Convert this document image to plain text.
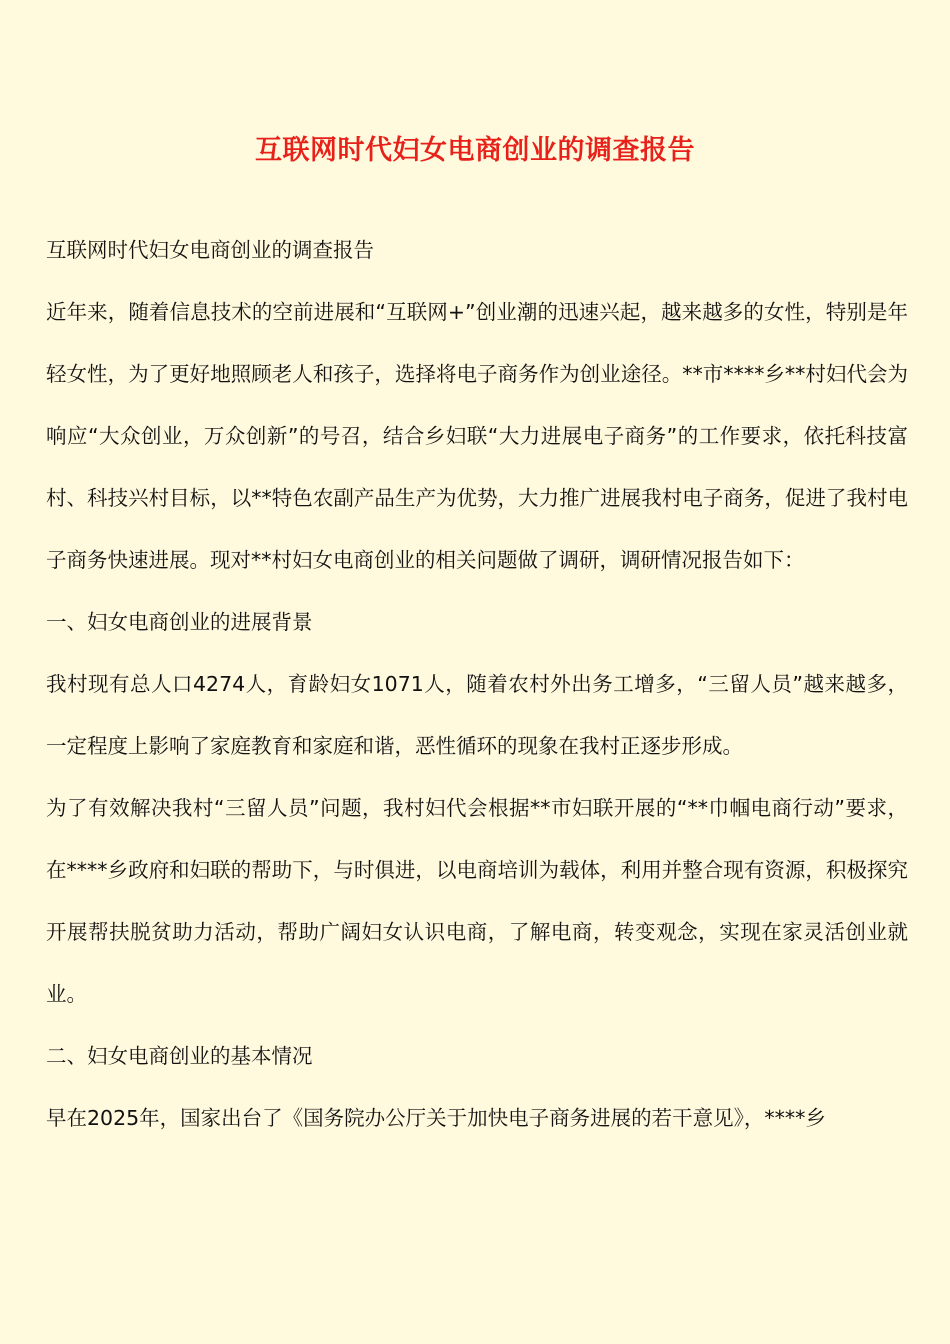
互联网时代妇女电商创业的调查报告

互联网时代妇女电商创业的调查报告

近年来，随着信息技术的空前进展和“互联网+”创业潮的迅速兴起，越来越多的女性，特别是年轻女性，为了更好地照顾老人和孩子，选择将电子商务作为创业途径。**市****乡**村妇代会为响应“大众创业，万众创新”的号召，结合乡妇联“大力进展电子商务”的工作要求，依托科技富村、科技兴村目标，以**特色农副产品生产为优势，大力推广进展我村电子商务，促进了我村电子商务快速进展。现对**村妇女电商创业的相关问题做了调研，调研情况报告如下：

一、妇女电商创业的进展背景

我村现有总人口4274人，育龄妇女1071人，随着农村外出务工增多，“三留人员”越来越多，一定程度上影响了家庭教育和家庭和谐，恶性循环的现象在我村正逐步形成。

为了有效解决我村“三留人员”问题，我村妇代会根据**市妇联开展的“**巾帼电商行动”要求，在****乡政府和妇联的帮助下，与时俱进，以电商培训为载体，利用并整合现有资源，积极探究开展帮扶脱贫助力活动，帮助广阔妇女认识电商，了解电商，转变观念，实现在家灵活创业就业。

二、妇女电商创业的基本情况

早在2025年，国家出台了《国务院办公厅关于加快电子商务进展的若干意见》，****乡
